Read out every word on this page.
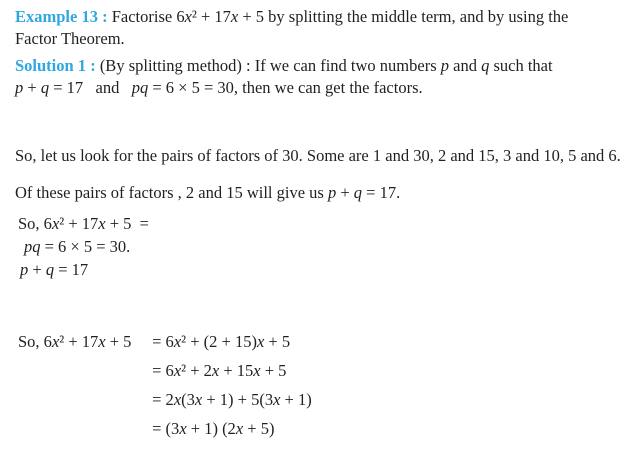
Example 13 : Factorise 6x² + 17x + 5 by splitting the middle term, and by using the
Factor Theorem.

Solution 1 : (By splitting method) : If we can find two numbers p and q such that
p + q = 17   and   pq = 6 × 5 = 30, then we can get the factors.

So, let us look for the pairs of factors of 30. Some are 1 and 30, 2 and 15, 3 and 10, 5 and 6.

Of these pairs of factors , 2 and 15 will give us p + q = 17.

So, 6x² + 17x + 5  =
pq = 6 × 5 = 30.
p + q = 17
So, 6x² + 17x + 5 = 6x² + (2 + 15)x + 5
= 6x² + 2x + 15x + 5
= 2x(3x + 1) + 5(3x + 1)
= (3x + 1) (2x + 5)
